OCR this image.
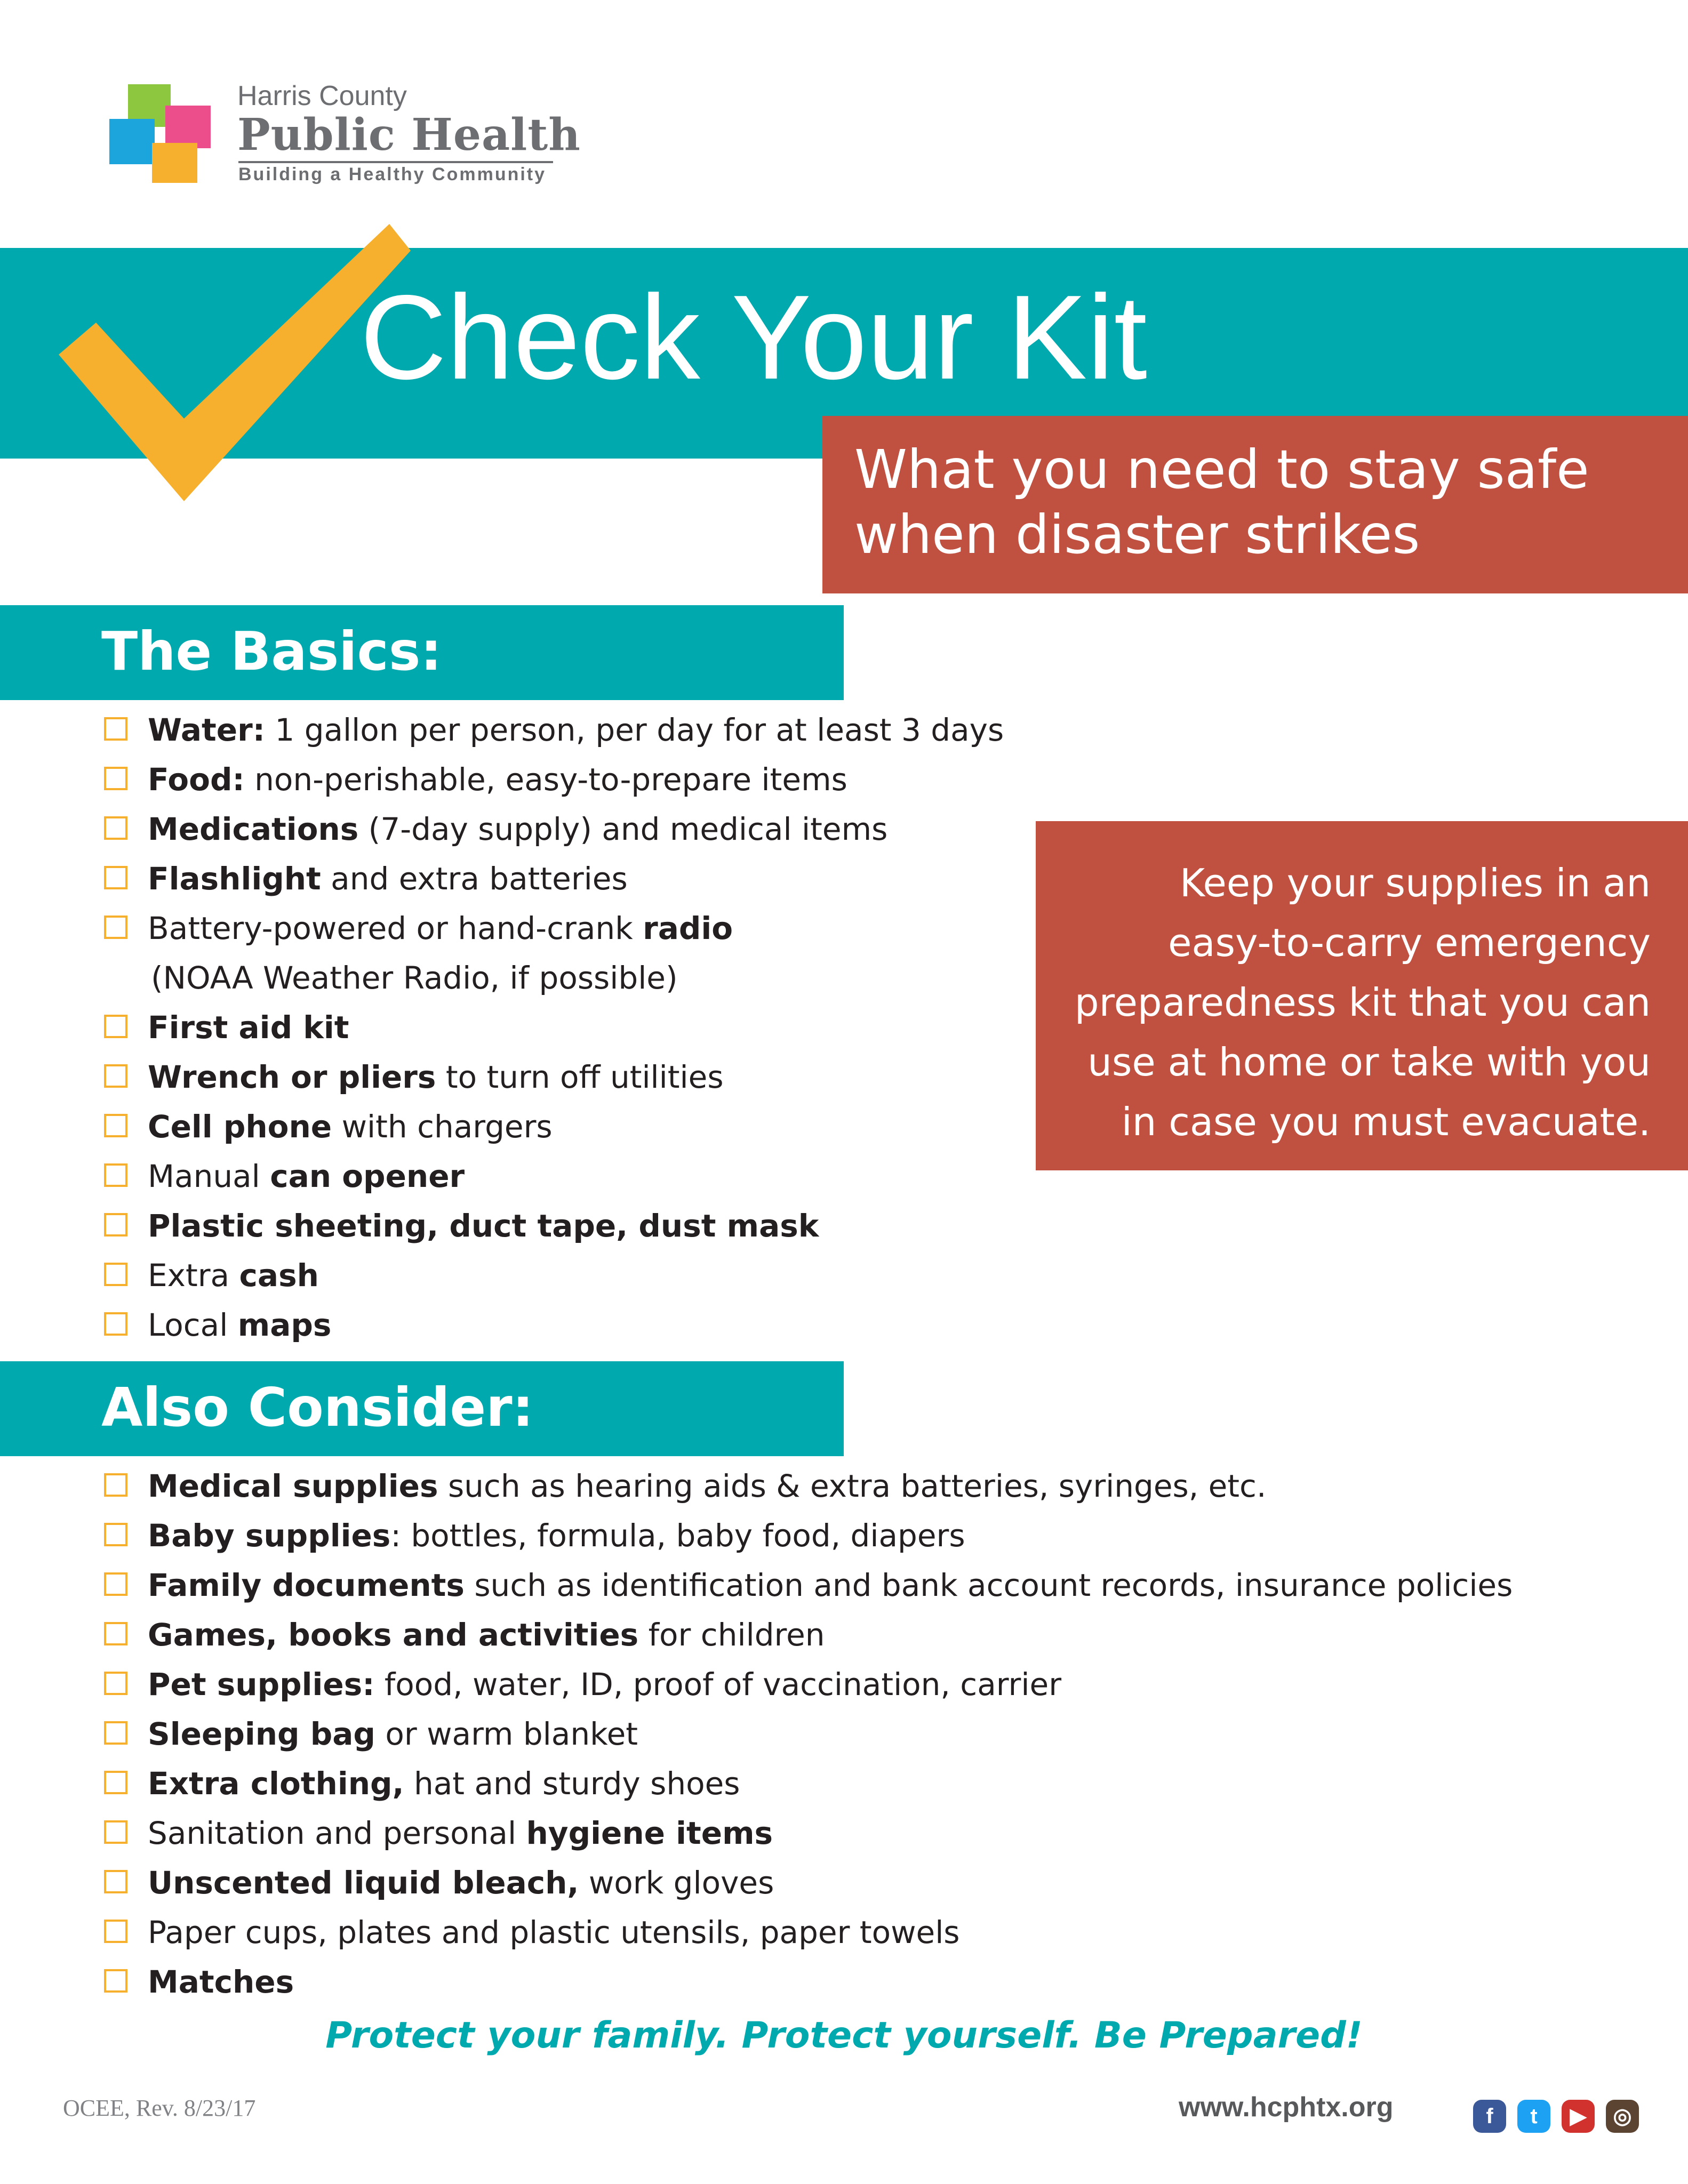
Harris County
Public Health
Building a Healthy Community
Check Your Kit
What you need to stay safe
when disaster strikes
The Basics:
Water: 1 gallon per person, per day for at least 3 days
Food: non-perishable, easy-to-prepare items
Medications (7-day supply) and medical items
Flashlight and extra batteries
Battery-powered or hand-crank radio
(NOAA Weather Radio, if possible)
First aid kit
Wrench or pliers to turn off utilities
Cell phone with chargers
Manual can opener
Plastic sheeting, duct tape, dust mask
Extra cash
Local maps
Keep your supplies in an
easy-to-carry emergency
preparedness kit that you can
use at home or take with you
in case you must evacuate.
Also Consider:
Medical supplies such as hearing aids & extra batteries, syringes, etc.
Baby supplies: bottles, formula, baby food, diapers
Family documents such as identification and bank account records, insurance policies
Games, books and activities for children
Pet supplies: food, water, ID, proof of vaccination, carrier
Sleeping bag or warm blanket
Extra clothing, hat and sturdy shoes
Sanitation and personal hygiene items
Unscented liquid bleach, work gloves
Paper cups, plates and plastic utensils, paper towels
Matches
Protect your family. Protect yourself. Be Prepared!
OCEE, Rev. 8/23/17	www.hcphtx.org	f	t	▶	◎
